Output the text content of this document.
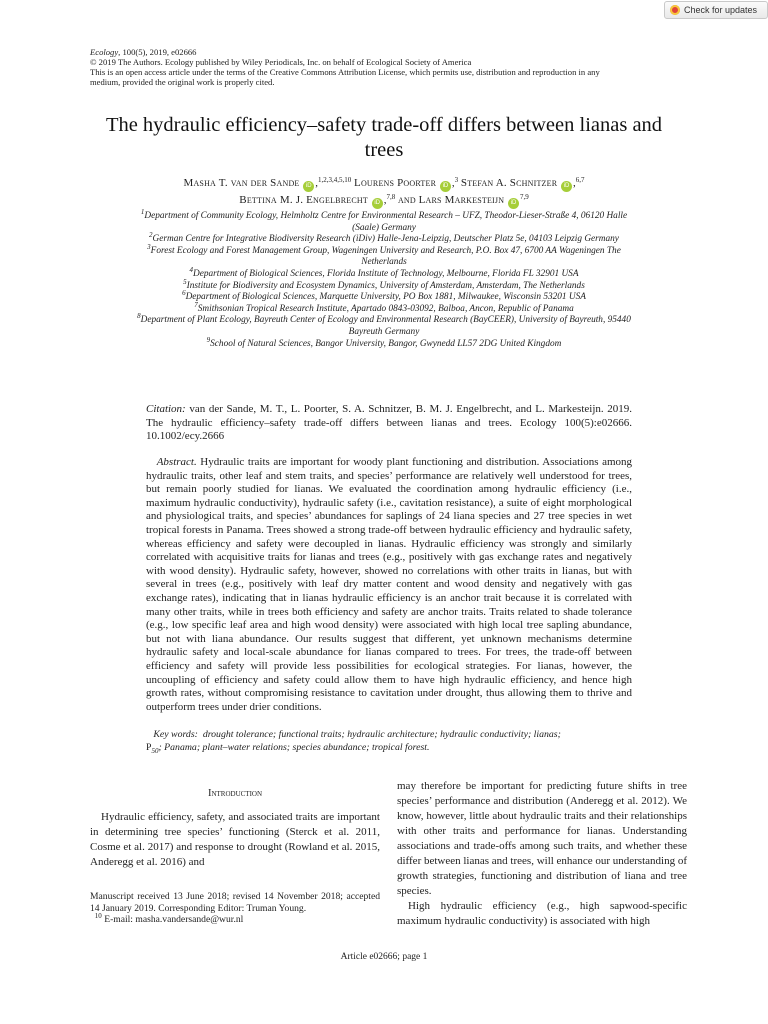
Check for updates
Ecology, 100(5), 2019, e02666
© 2019 The Authors. Ecology published by Wiley Periodicals, Inc. on behalf of Ecological Society of America
This is an open access article under the terms of the Creative Commons Attribution License, which permits use, distribution and reproduction in any
medium, provided the original work is properly cited.
The hydraulic efficiency–safety trade-off differs between lianas and
trees
Masha T. van der Sande iD ,$^{1,2,3,4,5,10}$ Lourens Poorter iD ,$^3$ Stefan A. Schnitzer iD ,$^{6,7}$
Bettina M. J. Engelbrecht iD ,$^{7,8}$ and Lars Markesteijn iD$^{7,9}$
$^1$Department of Community Ecology, Helmholtz Centre for Environmental Research – UFZ, Theodor-Lieser-Straße 4, 06120 Halle
(Saale) Germany
$^2$German Centre for Integrative Biodiversity Research (iDiv) Halle-Jena-Leipzig, Deutscher Platz 5e, 04103 Leipzig Germany
$^3$Forest Ecology and Forest Management Group, Wageningen University and Research, P.O. Box 47, 6700 AA Wageningen The
Netherlands
$^4$Department of Biological Sciences, Florida Institute of Technology, Melbourne, Florida FL 32901 USA
$^5$Institute for Biodiversity and Ecosystem Dynamics, University of Amsterdam, Amsterdam, The Netherlands
$^6$Department of Biological Sciences, Marquette University, PO Box 1881, Milwaukee, Wisconsin 53201 USA
$^7$Smithsonian Tropical Research Institute, Apartado 0843-03092, Balboa, Ancon, Republic of Panama
$^8$Department of Plant Ecology, Bayreuth Center of Ecology and Environmental Research (BayCEER), University of Bayreuth, 95440
Bayreuth Germany
$^9$School of Natural Sciences, Bangor University, Bangor, Gwynedd LL57 2DG United Kingdom
Citation: van der Sande, M. T., L. Poorter, S. A. Schnitzer, B. M. J. Engelbrecht, and L. Markesteijn. 2019. The hydraulic efficiency–safety trade-off differs between lianas and trees. Ecology 100(5):e02666. 10.1002/ecy.2666
Abstract. Hydraulic traits are important for woody plant functioning and distribution. Associations among hydraulic traits, other leaf and stem traits, and species’ performance are relatively well understood for trees, but remain poorly studied for lianas. We evaluated the coordination among hydraulic efficiency (i.e., maximum hydraulic conductivity), hydraulic safety (i.e., cavitation resistance), a suite of eight morphological and physiological traits, and species’ abundances for saplings of 24 liana species and 27 tree species in wet tropical forests in Panama. Trees showed a strong trade-off between hydraulic efficiency and hydraulic safety, whereas efficiency and safety were decoupled in lianas. Hydraulic efficiency was strongly and similarly correlated with acquisitive traits for lianas and trees (e.g., positively with gas exchange rates and negatively with wood density). Hydraulic safety, however, showed no correlations with other traits in lianas, but with several in trees (e.g., positively with leaf dry matter content and wood density and negatively with gas exchange rates), indicating that in lianas hydraulic efficiency is an anchor trait because it is correlated with many other traits, while in trees both efficiency and safety are anchor traits. Traits related to shade tolerance (e.g., low specific leaf area and high wood density) were associated with high local tree sapling abundance, but not with liana abundance. Our results suggest that different, yet unknown mechanisms determine hydraulic safety and local-scale abundance for lianas compared to trees. For trees, the trade-off between efficiency and safety will provide less possibilities for ecological strategies. For lianas, however, the uncoupling of efficiency and safety could allow them to have high hydraulic efficiency, and hence high growth rates, without compromising resistance to cavitation under drought, thus allowing them to thrive and outperform trees under drier conditions.
Key words: drought tolerance; functional traits; hydraulic architecture; hydraulic conductivity; lianas;
$P_{50}$; Panama; plant–water relations; species abundance; tropical forest.
Introduction
Hydraulic efficiency, safety, and associated traits are important in determining tree species’ functioning (Sterck et al. 2011, Cosme et al. 2017) and response to drought (Rowland et al. 2015, Anderegg et al. 2016) and
may therefore be important for predicting future shifts in tree species’ performance and distribution (Anderegg et al. 2012). We know, however, little about hydraulic traits and their relationships with other traits and performance for lianas. Understanding associations and trade-offs among such traits, and whether these differ between lianas and trees, will enhance our understanding of growth strategies, functioning and distribution of liana and tree species.
High hydraulic efficiency (e.g., high sapwood-specific maximum hydraulic conductivity) is associated with high
Manuscript received 13 June 2018; revised 14 November 2018; accepted 14 January 2019. Corresponding Editor: Truman Young.
$^{10}$ E-mail: masha.vandersande@wur.nl
Article e02666; page 1
